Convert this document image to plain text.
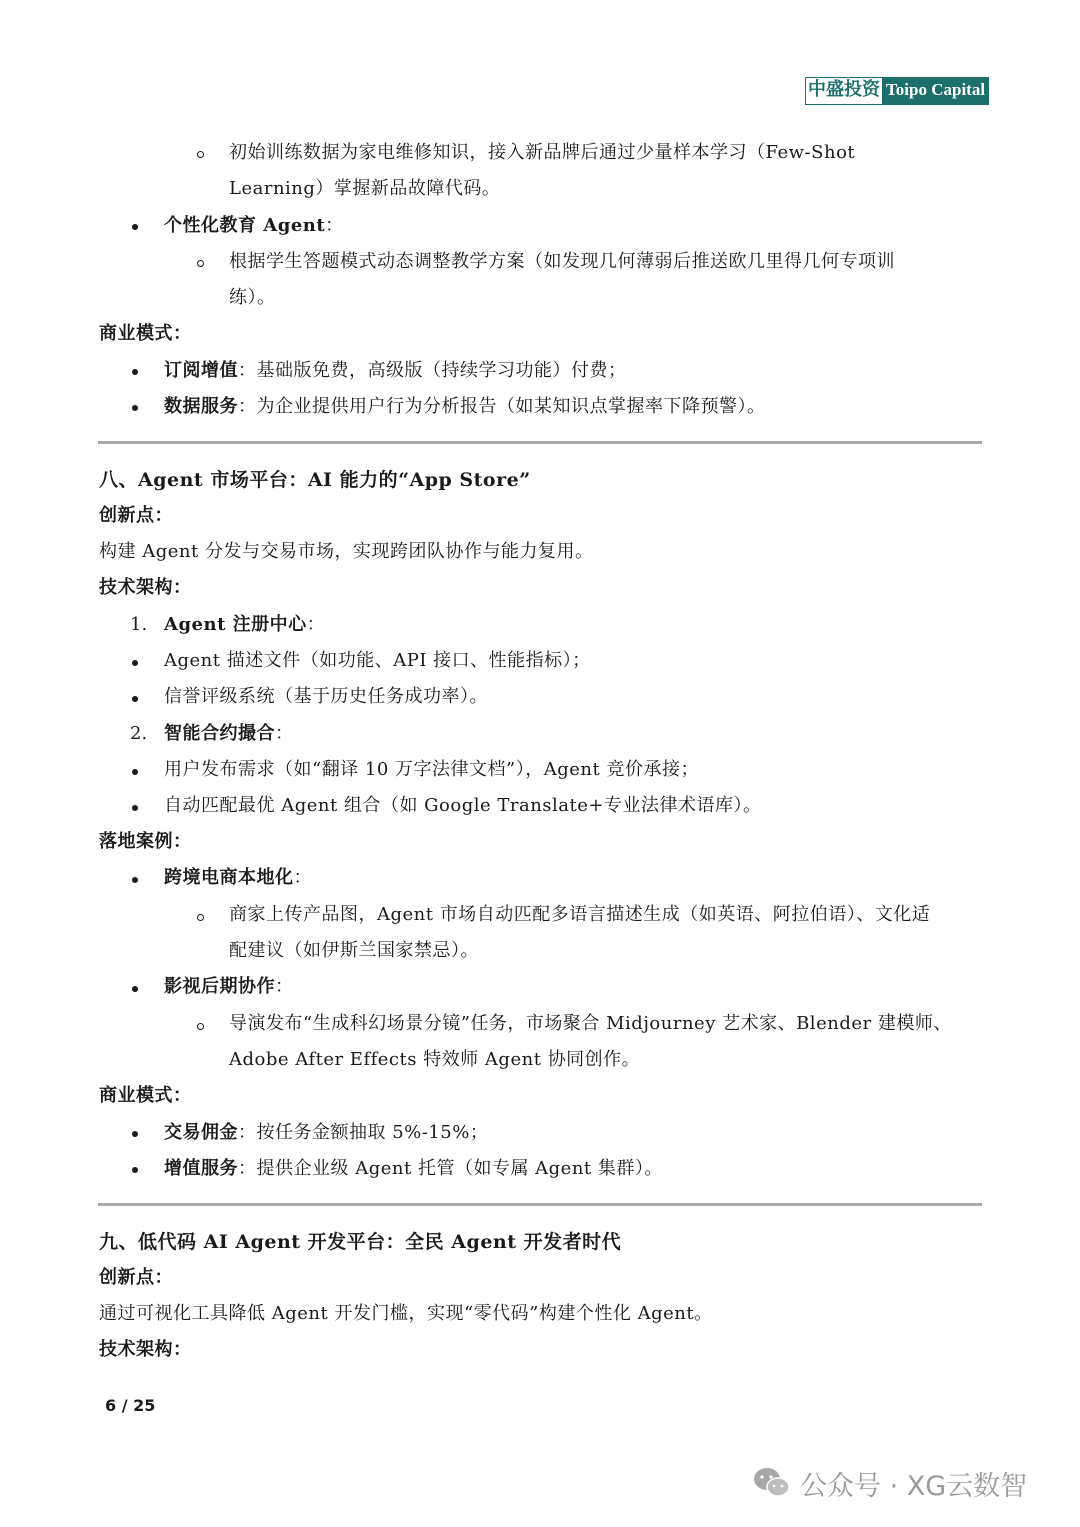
中盛投资 Toipo Capital
初始训练数据为家电维修知识，接入新品牌后通过少量样本学习（Few-Shot
Learning）掌握新品故障代码。
个性化教育 Agent：
根据学生答题模式动态调整教学方案（如发现几何薄弱后推送欧几里得几何专项训
练）。
商业模式：
订阅增值：基础版免费，高级版（持续学习功能）付费；
数据服务：为企业提供用户行为分析报告（如某知识点掌握率下降预警）。
八、Agent 市场平台：AI 能力的“App Store”
创新点：
构建 Agent 分发与交易市场，实现跨团队协作与能力复用。
技术架构：
1. Agent 注册中心：
Agent 描述文件（如功能、API 接口、性能指标）；
信誉评级系统（基于历史任务成功率）。
2. 智能合约撮合：
用户发布需求（如“翻译 10 万字法律文档”），Agent 竞价承接；
自动匹配最优 Agent 组合（如 Google Translate+专业法律术语库）。
落地案例：
跨境电商本地化：
商家上传产品图，Agent 市场自动匹配多语言描述生成（如英语、阿拉伯语）、文化适
配建议（如伊斯兰国家禁忌）。
影视后期协作：
导演发布“生成科幻场景分镜”任务，市场聚合 Midjourney 艺术家、Blender 建模师、
Adobe After Effects 特效师 Agent 协同创作。
商业模式：
交易佣金：按任务金额抽取 5%-15%；
增值服务：提供企业级 Agent 托管（如专属 Agent 集群）。
九、低代码 AI Agent 开发平台：全民 Agent 开发者时代
创新点：
通过可视化工具降低 Agent 开发门槛，实现“零代码”构建个性化 Agent。
技术架构：
6 / 25
公众号 · XG云数智
